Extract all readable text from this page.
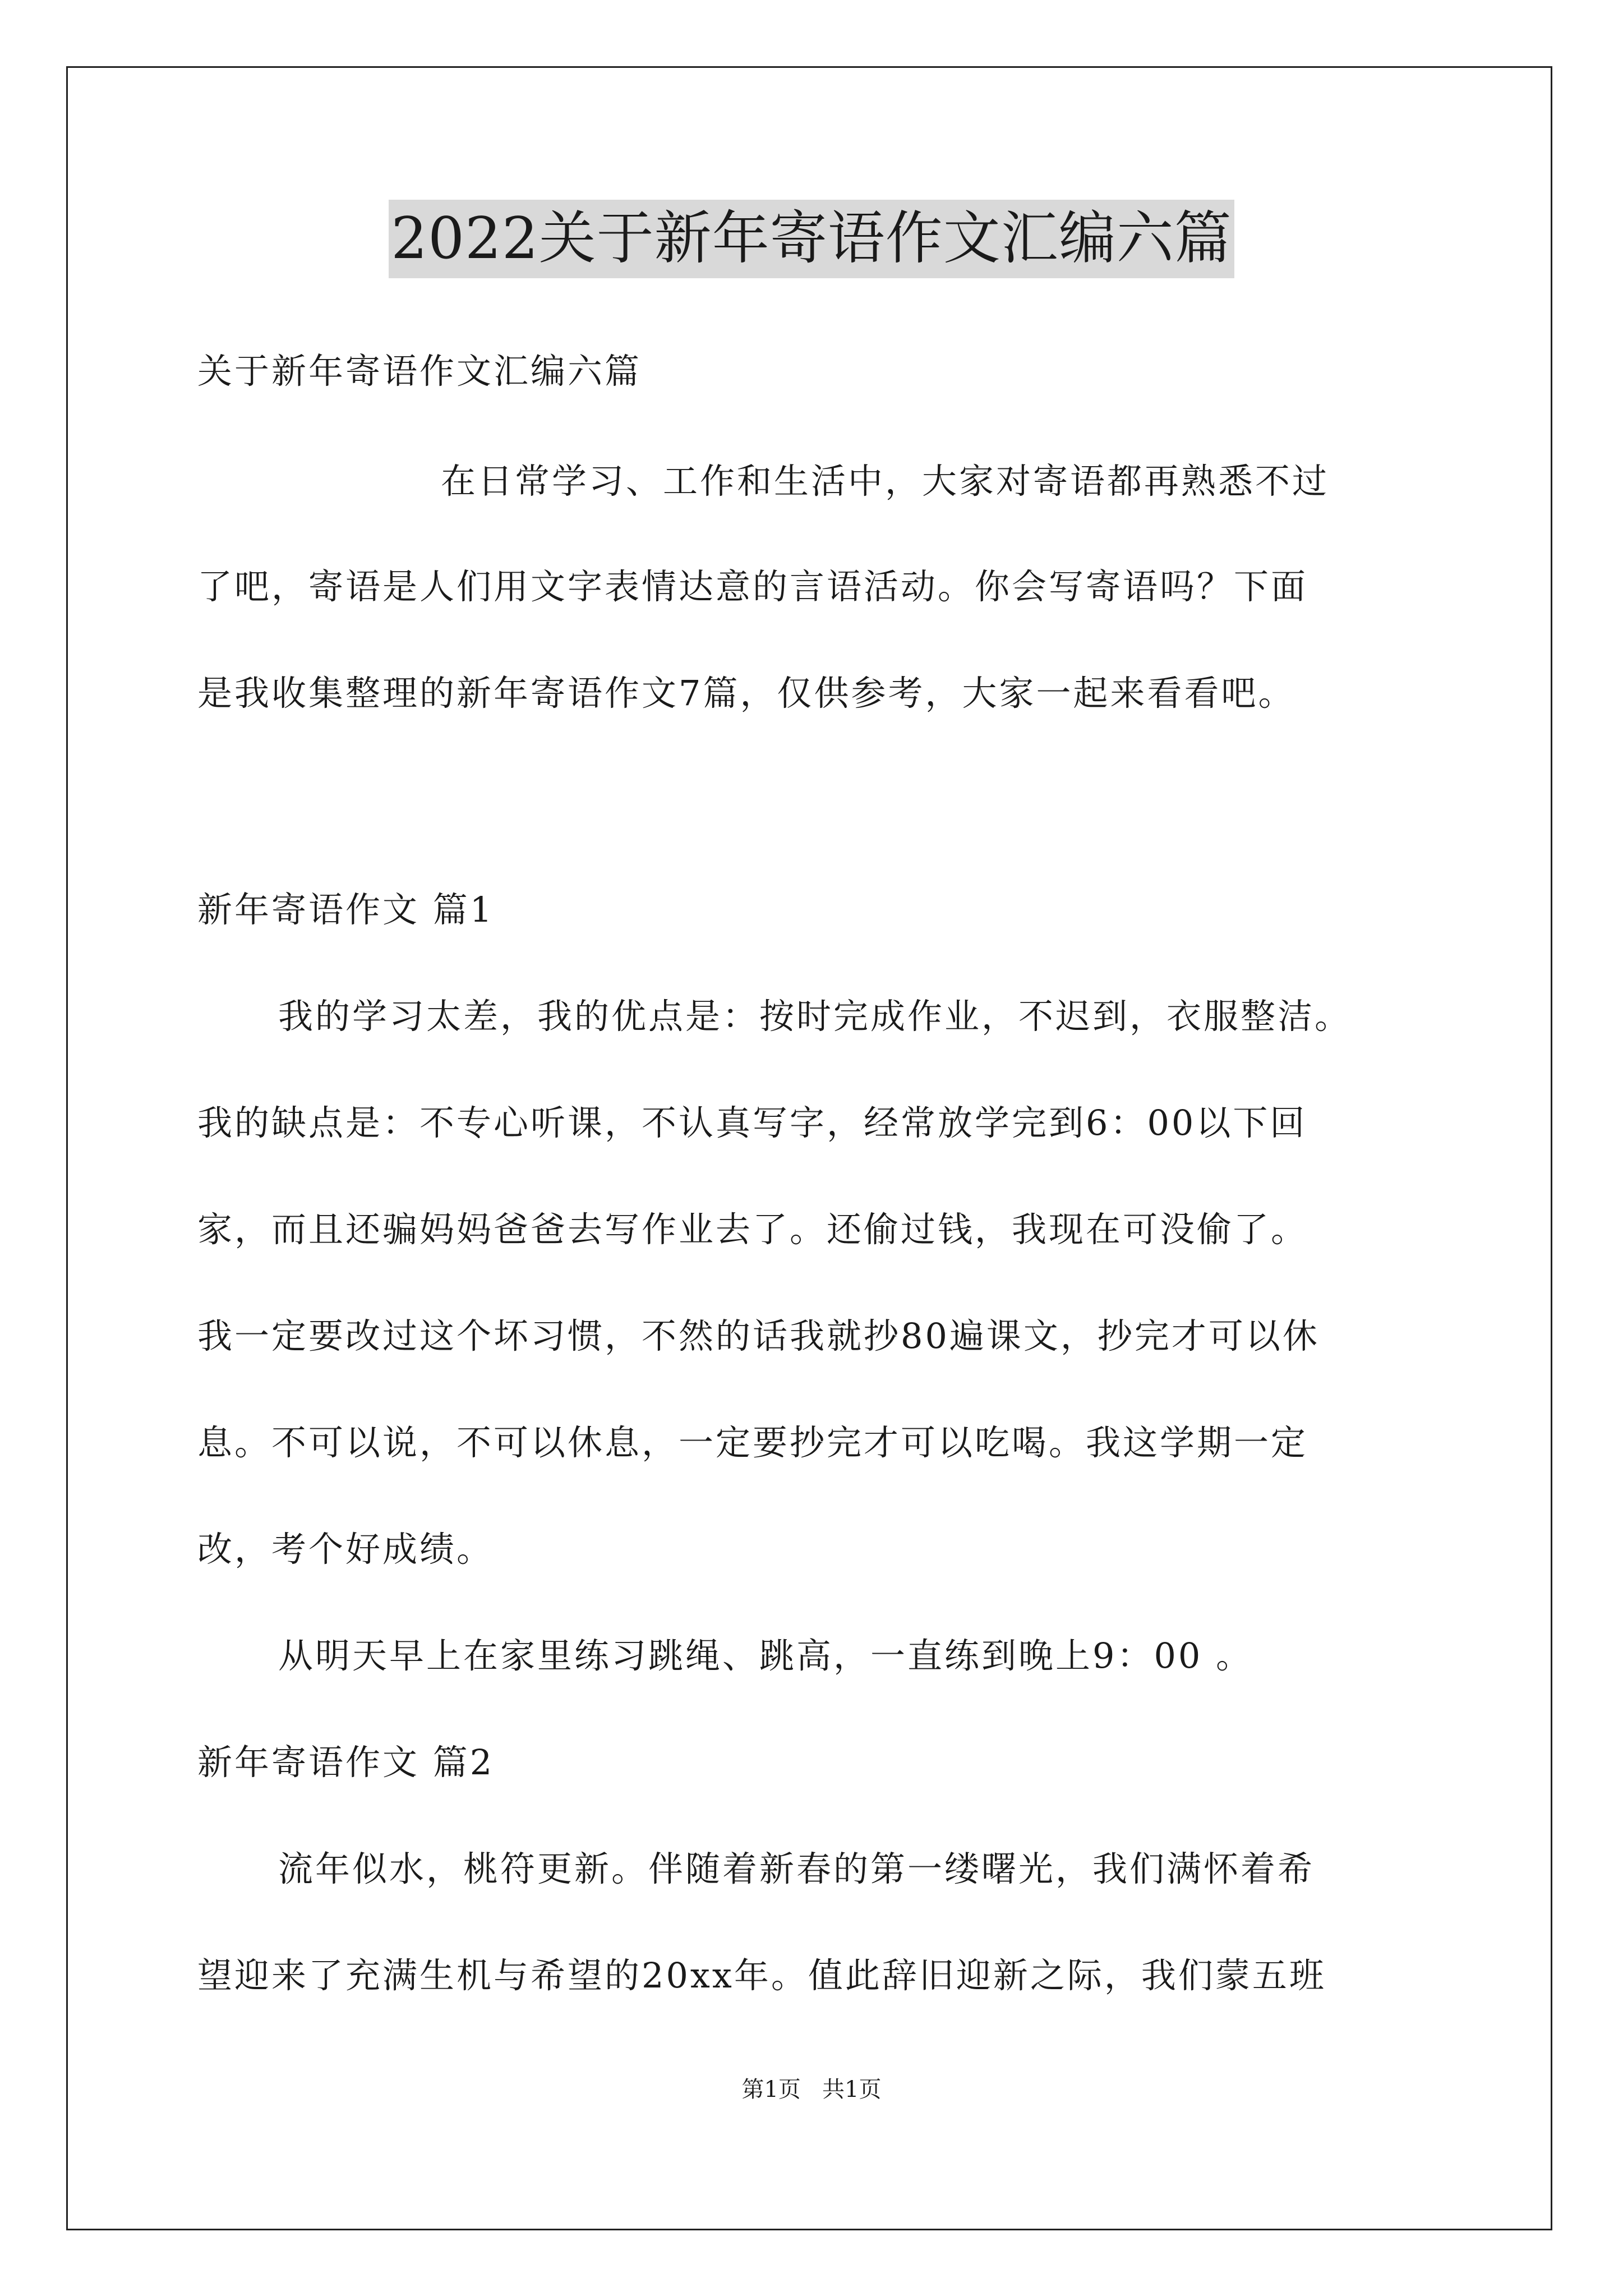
2022关于新年寄语作文汇编六篇
关于新年寄语作文汇编六篇
在日常学习、工作和生活中，大家对寄语都再熟悉不过
了吧，寄语是人们用文字表情达意的言语活动。你会写寄语吗？下面
是我收集整理的新年寄语作文7篇，仅供参考，大家一起来看看吧。
新年寄语作文 篇1
我的学习太差，我的优点是：按时完成作业，不迟到，衣服整洁。
我的缺点是：不专心听课，不认真写字，经常放学完到6：00以下回
家，而且还骗妈妈爸爸去写作业去了。还偷过钱，我现在可没偷了。
我一定要改过这个坏习惯，不然的话我就抄80遍课文，抄完才可以休
息。不可以说，不可以休息，一定要抄完才可以吃喝。我这学期一定
改，考个好成绩。
从明天早上在家里练习跳绳、跳高，一直练到晚上9：00 。
新年寄语作文 篇2
流年似水，桃符更新。伴随着新春的第一缕曙光，我们满怀着希
望迎来了充满生机与希望的20xx年。值此辞旧迎新之际，我们蒙五班
第1页   共1页
